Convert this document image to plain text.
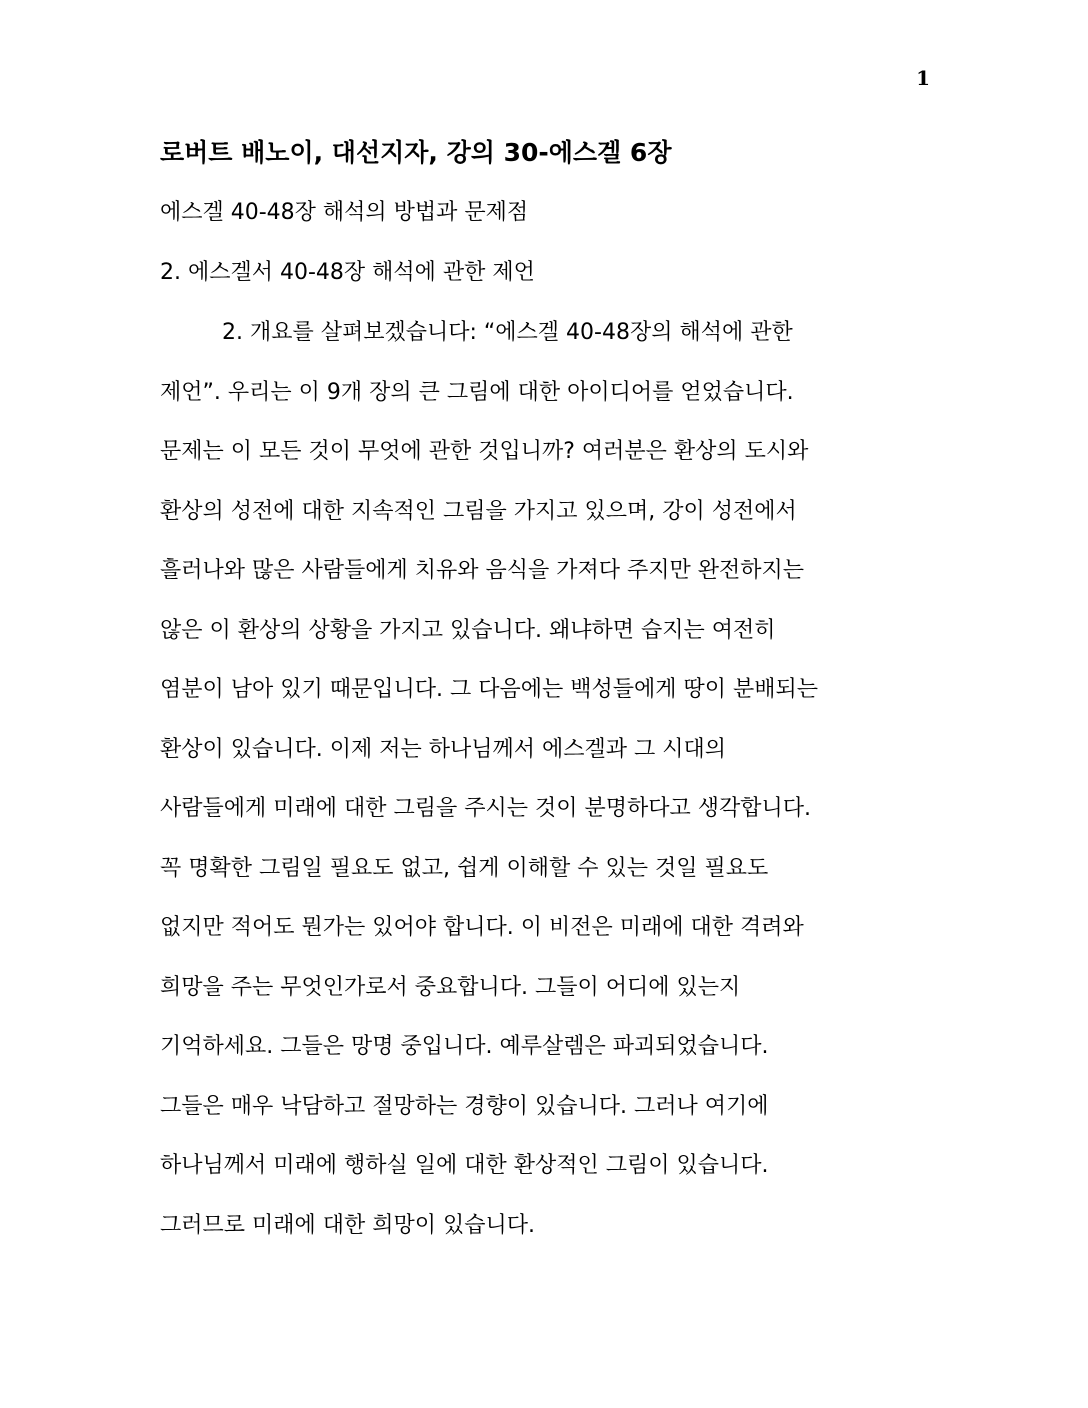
1
로버트 배노이, 대선지자, 강의 30-에스겔 6장

에스겔 40-48장 해석의 방법과 문제점

2. 에스겔서 40-48장 해석에 관한 제언

2. 개요를 살펴보겠습니다: “에스겔 40-48장의 해석에 관한
제언”. 우리는 이 9개 장의 큰 그림에 대한 아이디어를 얻었습니다.
문제는 이 모든 것이 무엇에 관한 것입니까? 여러분은 환상의 도시와
환상의 성전에 대한 지속적인 그림을 가지고 있으며, 강이 성전에서
흘러나와 많은 사람들에게 치유와 음식을 가져다 주지만 완전하지는
않은 이 환상의 상황을 가지고 있습니다. 왜냐하면 습지는 여전히
염분이 남아 있기 때문입니다. 그 다음에는 백성들에게 땅이 분배되는
환상이 있습니다. 이제 저는 하나님께서 에스겔과 그 시대의
사람들에게 미래에 대한 그림을 주시는 것이 분명하다고 생각합니다.
꼭 명확한 그림일 필요도 없고, 쉽게 이해할 수 있는 것일 필요도
없지만 적어도 뭔가는 있어야 합니다. 이 비전은 미래에 대한 격려와
희망을 주는 무엇인가로서 중요합니다. 그들이 어디에 있는지
기억하세요. 그들은 망명 중입니다. 예루살렘은 파괴되었습니다.
그들은 매우 낙담하고 절망하는 경향이 있습니다. 그러나 여기에
하나님께서 미래에 행하실 일에 대한 환상적인 그림이 있습니다.
그러므로 미래에 대한 희망이 있습니다.
